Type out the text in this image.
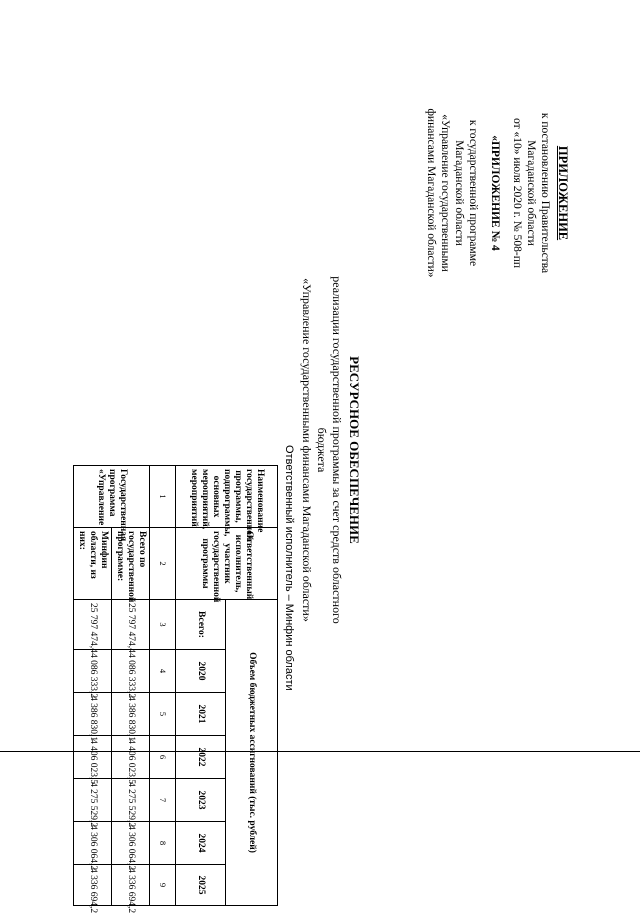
ПРИЛОЖЕНИЕ
к постановлению Правительства
Магаданской области
от «10» июля 2020 г. № 508-пп
«ПРИЛОЖЕНИЕ № 4
к государственной программе
Магаданской области
«Управление государственными
финансами Магаданской области»
РЕСУРСНОЕ ОБЕСПЕЧЕНИЕ
реализации государственной программы за счет средств областного бюджета
«Управление государственными финансами Магаданской области»
Ответственный исполнитель – Минфин области
Наименование государственной программы, подпрограммы, основных мероприятий, мероприятий	Ответственный исполнитель, участник государственной программы	Объем бюджетных ассигнований (тыс. рублей)						
		Всего:	2020	2021	2022	2023	2024	2025
1	2	3	4	5	6	7	8	9
Государственная программа «Управление	Всего по государственной программе:	25 797 474,4	4 086 333,2	4 386 830,1	4 406 023,5	4 275 529,2	4 306 064,2	4 336 694,2
	Минфин области, из них:	25 797 474,4	4 086 333,2	4 386 830,1	4 406 023,5	4 275 529,2	4 306 064,2	4 336 694,2
